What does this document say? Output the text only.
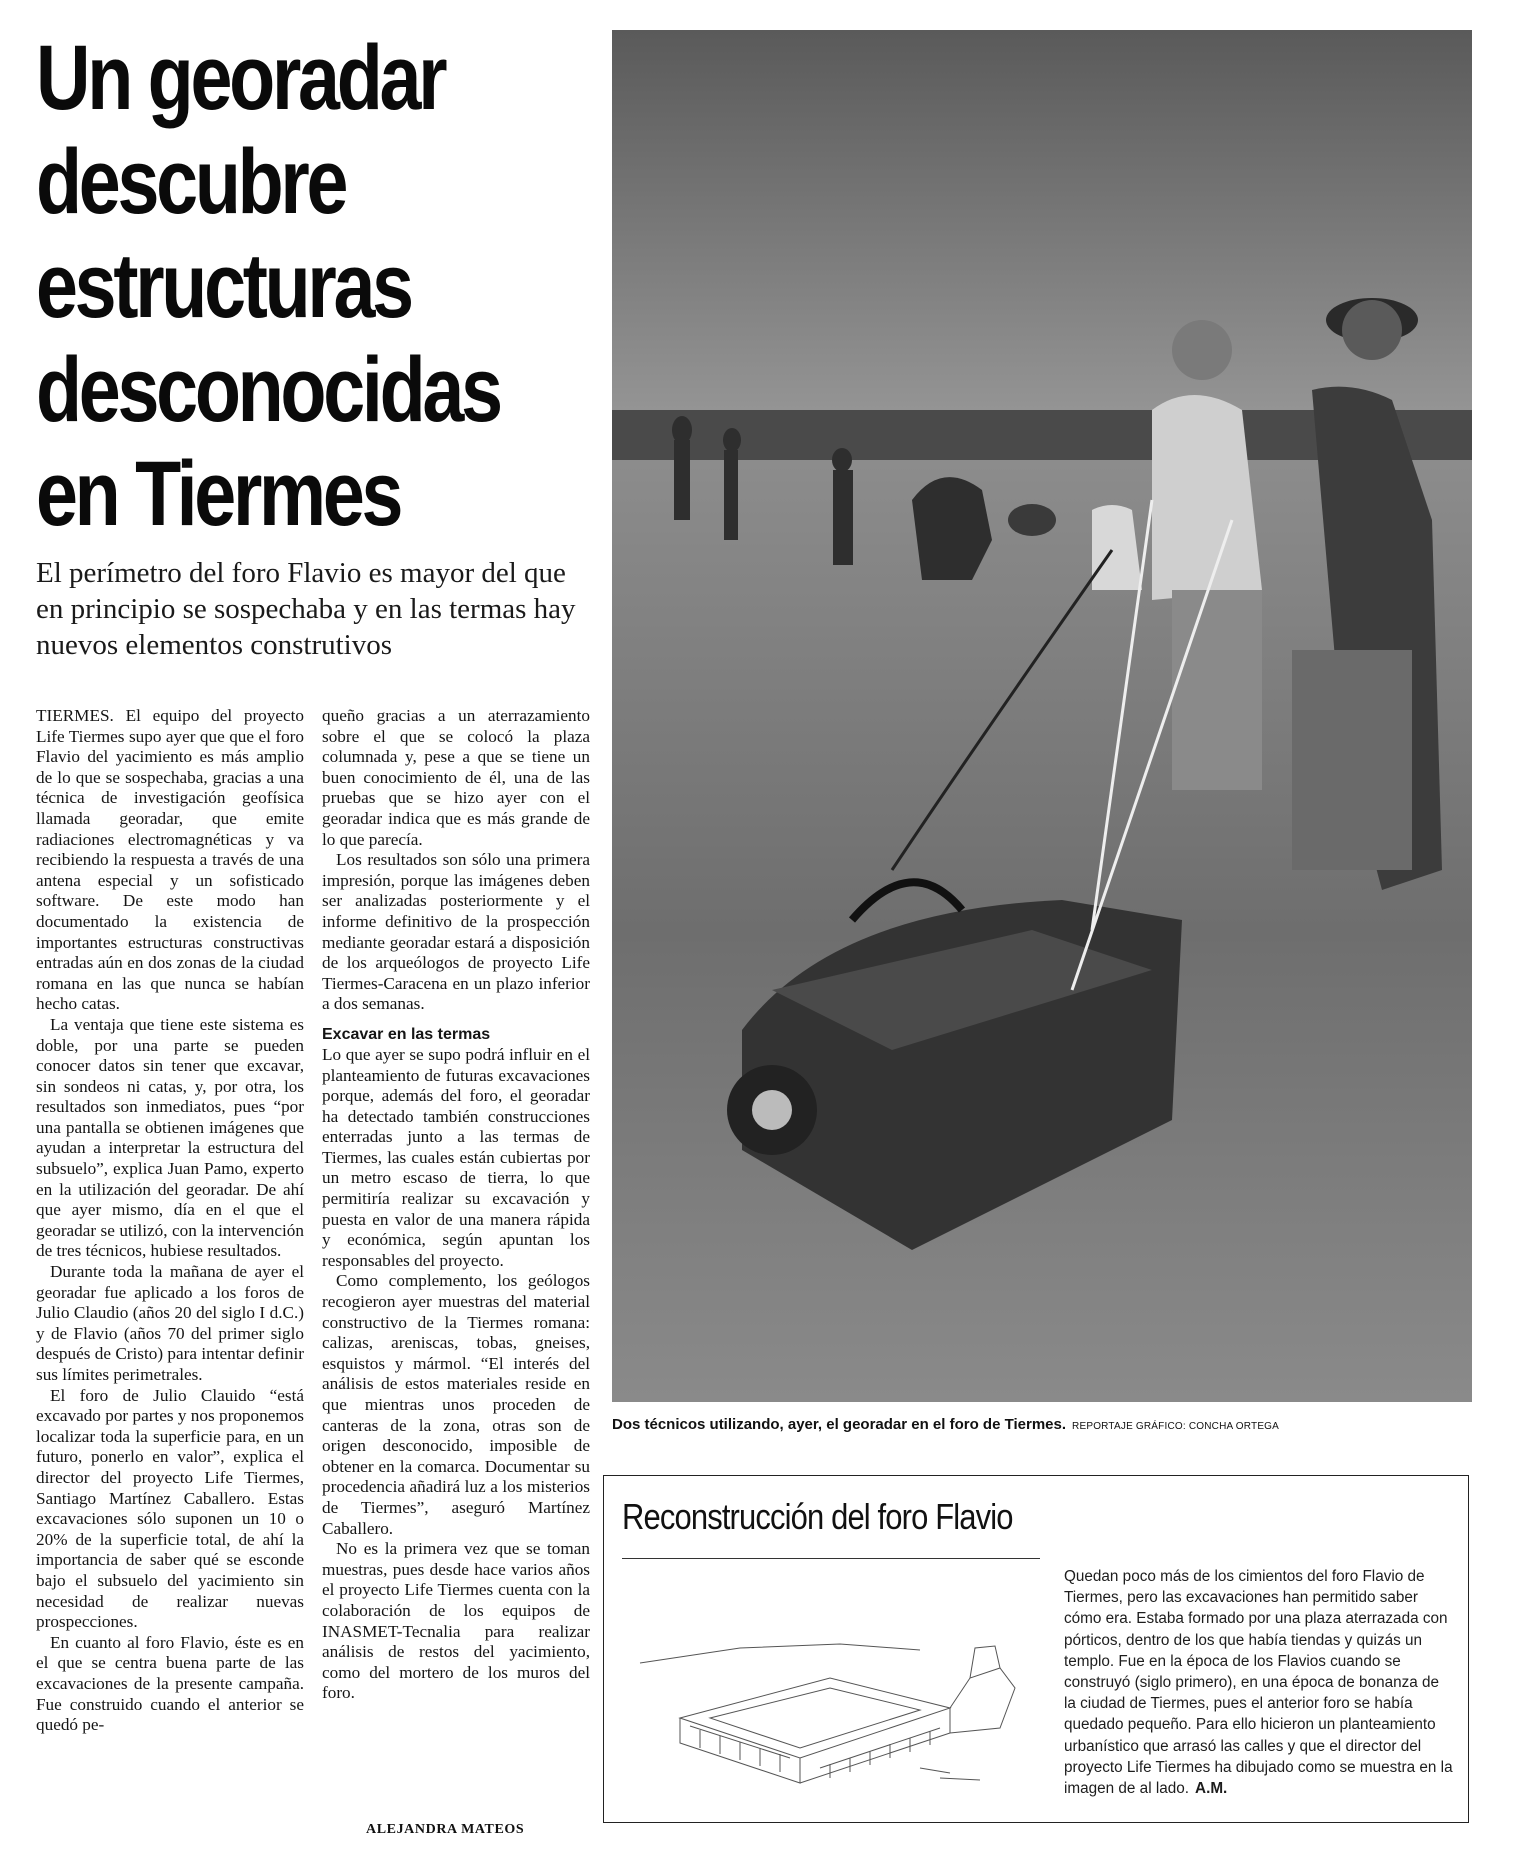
Un georadar
descubre
estructuras
desconocidas
en Tiermes

El perímetro del foro Flavio es mayor del que en principio se sospechaba y en las termas hay nuevos elementos construtivos

TIERMES. El equipo del proyecto Life Tiermes supo ayer que que el foro Flavio del yacimiento es más amplio de lo que se sospechaba, gracias a una técnica de investigación geofísica llamada georadar, que emite radiaciones electromagnéticas y va recibiendo la respuesta a través de una antena especial y un sofisticado software. De este modo han documentado la existencia de importantes estructuras constructivas entradas aún en dos zonas de la ciudad romana en las que nunca se habían hecho catas.

La ventaja que tiene este sistema es doble, por una parte se pueden conocer datos sin tener que excavar, sin sondeos ni catas, y, por otra, los resultados son inmediatos, pues “por una pantalla se obtienen imágenes que ayudan a interpretar la estructura del subsuelo”, explica Juan Pamo, experto en la utilización del georadar. De ahí que ayer mismo, día en el que el georadar se utilizó, con la intervención de tres técnicos, hubiese resultados.

Durante toda la mañana de ayer el georadar fue aplicado a los foros de Julio Claudio (años 20 del siglo I d.C.) y de Flavio (años 70 del primer siglo después de Cristo) para intentar definir sus límites perimetrales.

El foro de Julio Clauido “está excavado por partes y nos proponemos localizar toda la superficie para, en un futuro, ponerlo en valor”, explica el director del proyecto Life Tiermes, Santiago Martínez Caballero. Estas excavaciones sólo suponen un 10 o 20% de la superficie total, de ahí la importancia de saber qué se esconde bajo el subsuelo del yacimiento sin necesidad de realizar nuevas prospecciones.

En cuanto al foro Flavio, éste es en el que se centra buena parte de las excavaciones de la presente campaña. Fue construido cuando el anterior se quedó pe-

queño gracias a un aterrazamiento sobre el que se colocó la plaza columnada y, pese a que se tiene un buen conocimiento de él, una de las pruebas que se hizo ayer con el georadar indica que es más grande de lo que parecía.

Los resultados son sólo una primera impresión, porque las imágenes deben ser analizadas posteriormente y el informe definitivo de la prospección mediante georadar estará a disposición de los arqueólogos de proyecto Life Tiermes-Caracena en un plazo inferior a dos semanas.

Excavar en las termas

Lo que ayer se supo podrá influir en el planteamiento de futuras excavaciones porque, además del foro, el georadar ha detectado también construcciones enterradas junto a las termas de Tiermes, las cuales están cubiertas por un metro escaso de tierra, lo que permitiría realizar su excavación y puesta en valor de una manera rápida y económica, según apuntan los responsables del proyecto.

Como complemento, los geólogos recogieron ayer muestras del material constructivo de la Tiermes romana: calizas, areniscas, tobas, gneises, esquistos y mármol. “El interés del análisis de estos materiales reside en que mientras unos proceden de canteras de la zona, otras son de origen desconocido, imposible de obtener en la comarca. Documentar su procedencia añadirá luz a los misterios de Tiermes”, aseguró Martínez Caballero.

No es la primera vez que se toman muestras, pues desde hace varios años el proyecto Life Tiermes cuenta con la colaboración de los equipos de INASMET-Tecnalia para realizar análisis de restos del yacimiento, como del mortero de los muros del foro.

ALEJANDRA MATEOS
Dos técnicos utilizando, ayer, el georadar en el foro de Tiermes. REPORTAJE GRÁFICO: CONCHA ORTEGA
Reconstrucción del foro Flavio
Quedan poco más de los cimientos del foro Flavio de Tiermes, pero las excavaciones han permitido saber cómo era. Estaba formado por una plaza aterrazada con pórticos, dentro de los que había tiendas y quizás un templo. Fue en la época de los Flavios cuando se construyó (siglo primero), en una época de bonanza de la ciudad de Tiermes, pues el anterior foro se había quedado pequeño. Para ello hicieron un planteamiento urbanístico que arrasó las calles y que el director del proyecto Life Tiermes ha dibujado como se muestra en la imagen de al lado. A.M.
